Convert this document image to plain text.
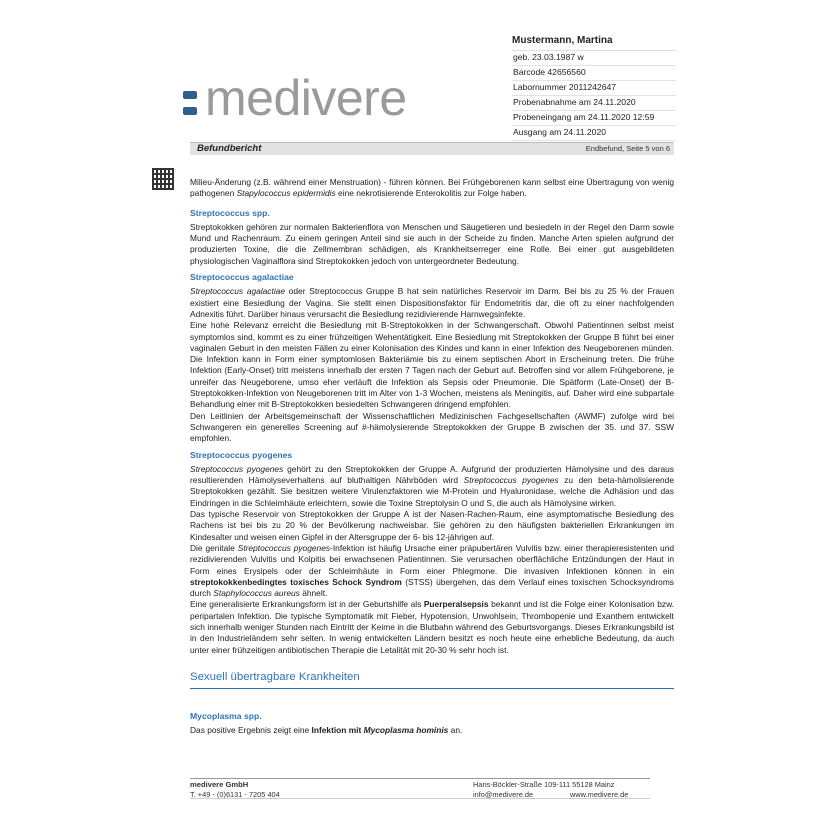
Mustermann, Martina
geb. 23.03.1987 w
Barcode 42656560
Labornummer 2011242647
Probenabnahme am 24.11.2020
Probeneingang am 24.11.2020 12:59
Ausgang am 24.11.2020
medivere
Befundbericht	Endbefund, Seite 5 von 6

Milieu-Änderung (z.B. während einer Menstruation) - führen können. Bei Frühgeborenen kann selbst eine Übertragung von wenig pathogenen Stapylococcus epidermidis eine nekrotisierende Enterokolitis zur Folge haben.

Streptococcus spp.

Streptokokken gehören zur normalen Bakterienflora von Menschen und Säugetieren und besiedeln in der Regel den Darm sowie Mund und Rachenraum. Zu einem geringen Anteil sind sie auch in der Scheide zu finden. Manche Arten spielen aufgrund der produzierten Toxine, die die Zellmembran schädigen, als Krankheitserreger eine Rolle. Bei einer gut ausgebildeten physiologischen Vaginalflora sind Streptokokken jedoch von untergeordneter Bedeutung.

Streptococcus agalactiae

Streptococcus agalactiae oder Streptococcus Gruppe B hat sein natürliches Reservoir im Darm. Bei bis zu 25 % der Frauen existiert eine Besiedlung der Vagina. Sie stellt einen Dispositionsfaktor für Endometritis dar, die oft zu einer nachfolgenden Adnexitis führt. Darüber hinaus verursacht die Besiedlung rezidivierende Harnwegsinfekte.

Eine hohe Relevanz erreicht die Besiedlung mit B-Streptokokken in der Schwangerschaft. Obwohl Patientinnen selbst meist symptomlos sind, kommt es zu einer frühzeitigen Wehentätigkeit. Eine Besiedlung mit Streptokokken der Gruppe B führt bei einer vaginalen Geburt in den meisten Fällen zu einer Kolonisation des Kindes und kann in einer Infektion des Neugeborenen münden. Die Infektion kann in Form einer symptomlosen Bakteriämie bis zu einem septischen Abort in Erscheinung treten. Die frühe Infektion (Early-Onset) tritt meistens innerhalb der ersten 7 Tagen nach der Geburt auf. Betroffen sind vor allem Frühgeborene, je unreifer das Neugeborene, umso eher verläuft die Infektion als Sepsis oder Pneumonie. Die Spätform (Late-Onset) der B-Streptokokken-Infektion von Neugeborenen tritt im Alter von 1-3 Wochen, meistens als Meningitis, auf. Daher wird eine subpartale Behandlung einer mit B-Streptokokken besiedelten Schwangeren dringend empfohlen.

Den Leitlinien der Arbeitsgemeinschaft der Wissenschaftlichen Medizinischen Fachgesellschaften (AWMF) zufolge wird bei Schwangeren ein generelles Screening auf #-hämolysierende Streptokokken der Gruppe B zwischen der 35. und 37. SSW empfohlen.

Streptococcus pyogenes

Streptococcus pyogenes gehört zu den Streptokokken der Gruppe A. Aufgrund der produzierten Hämolysine und des daraus resultierenden Hämolyseverhaltens auf bluthaltigen Nährböden wird Streptococcus pyogenes zu den beta-hämolisierende Streptokokken gezählt. Sie besitzen weitere Virulenzfaktoren wie M-Protein und Hyaluronidase, welche die Adhäsion und das Eindringen in die Schleimhäute erleichtern, sowie die Toxine Streptolysin O und S, die auch als Hämolysine wirken.

Das typische Reservoir von Streptokokken der Gruppe A ist der Nasen-Rachen-Raum, eine asymptomatische Besiedlung des Rachens ist bei bis zu 20 % der Bevölkerung nachweisbar. Sie gehören zu den häufigsten bakteriellen Erkrankungen im Kindesalter und weisen einen Gipfel in der Altersgruppe der 6- bis 12-jährigen auf.

Die genitale Streptococcus pyogenes-Infektion ist häufig Ursache einer präpubertären Vulvitis bzw. einer therapieresistenten und rezidivierenden Vulvitis und Kolpitis bei erwachsenen Patientinnen. Sie verursachen oberflächliche Entzündungen der Haut in Form eines Erysipels oder der Schleimhäute in Form einer Phlegmone. Die invasiven Infektionen können in ein streptokokkenbedingtes toxisches Schock Syndrom (STSS) übergehen, das dem Verlauf eines toxischen Schocksyndroms durch Staphylococcus aureus ähnelt.

Eine generalisierte Erkrankungsform ist in der Geburtshilfe als Puerperalsepsis bekannt und ist die Folge einer Kolonisation bzw. peripartalen Infektion. Die typische Symptomatik mit Fieber, Hypotension, Unwohlsein, Thrombopenie und Exanthem entwickelt sich innerhalb weniger Stunden nach Eintritt der Keime in die Blutbahn während des Geburtsvorgangs. Dieses Erkrankungsbild ist in den Industrieländern sehr selten. In wenig entwickelten Ländern besitzt es noch heute eine erhebliche Bedeutung, da auch unter einer frühzeitigen antibiotischen Therapie die Letalität mit 20-30 % sehr hoch ist.

Sexuell übertragbare Krankheiten
Mycoplasma spp.

Das positive Ergebnis zeigt eine Infektion mit Mycoplasma hominis an.

medivere GmbH
T. +49 - (0)6131 - 7205 404
Hans-Böckler-Straße 109-111 55128 Mainz
info@medivere.de	www.medivere.de
